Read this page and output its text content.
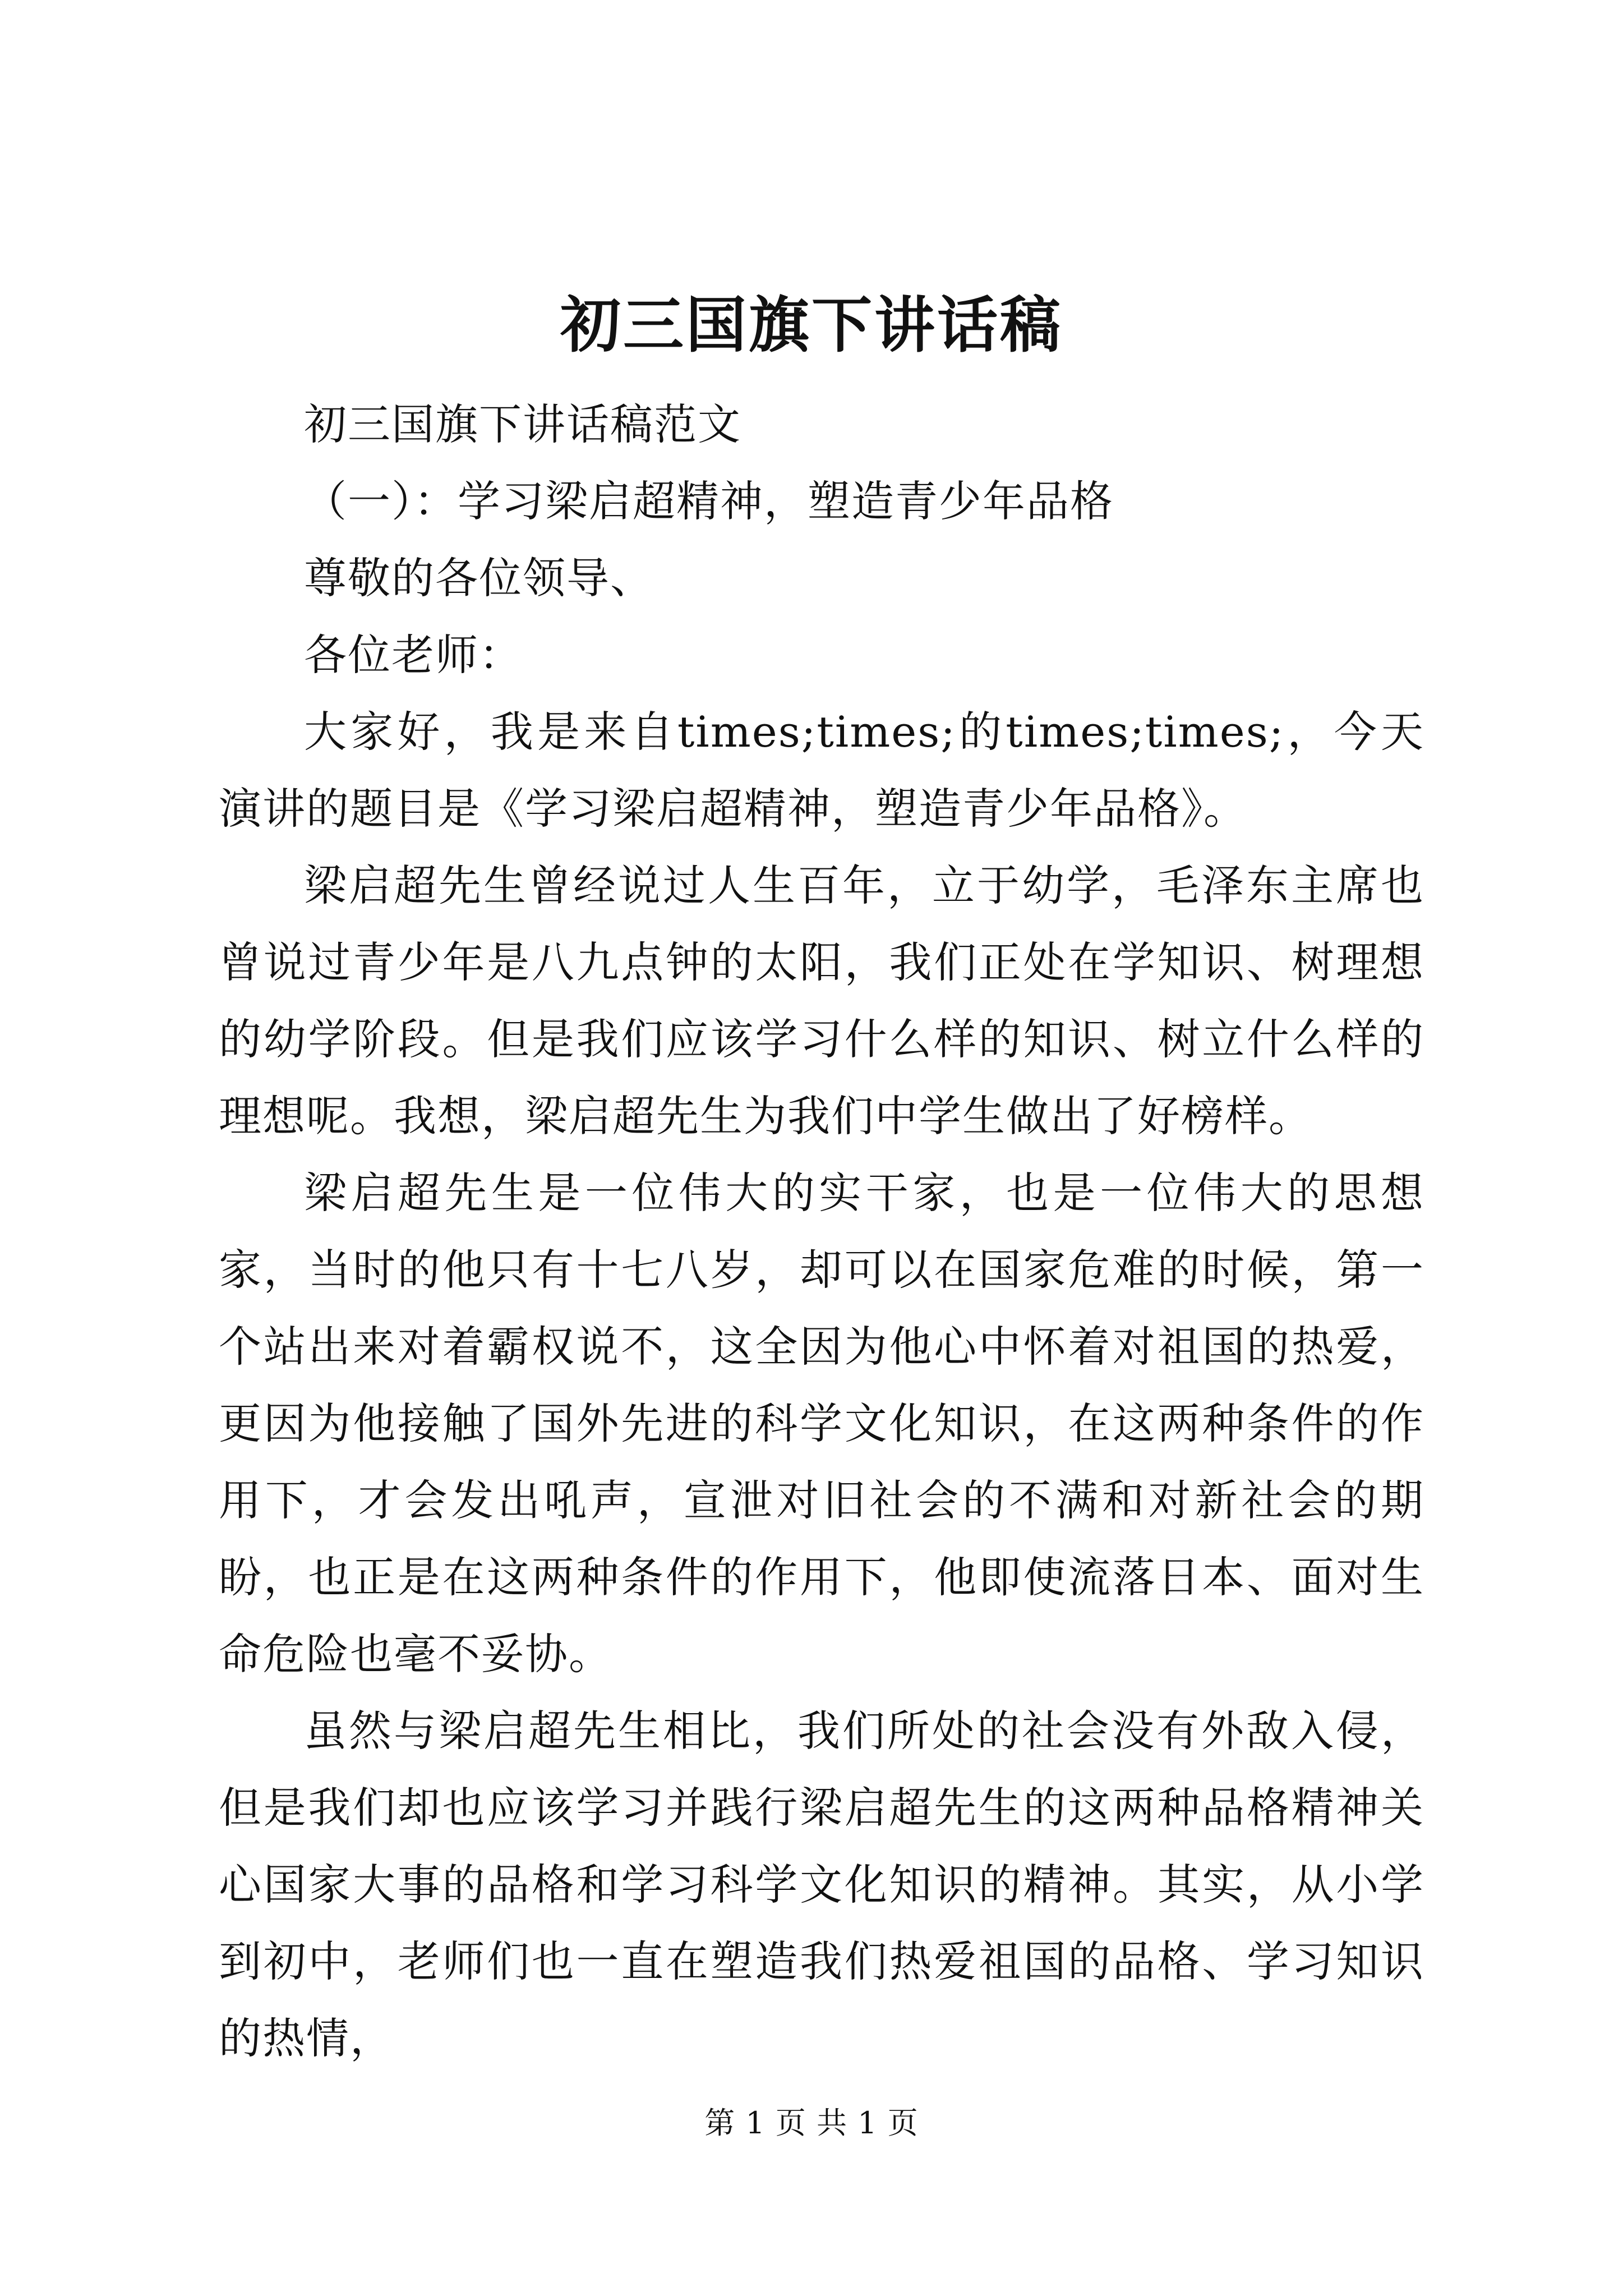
初三国旗下讲话稿

初三国旗下讲话稿范文

（一）：学习梁启超精神，塑造青少年品格

尊敬的各位领导、

各位老师：

大家好，我是来自times;times;的times;times;，今天演讲的题目是《学习梁启超精神，塑造青少年品格》。

梁启超先生曾经说过人生百年，立于幼学，毛泽东主席也曾说过青少年是八九点钟的太阳，我们正处在学知识、树理想的幼学阶段。但是我们应该学习什么样的知识、树立什么样的理想呢。我想，梁启超先生为我们中学生做出了好榜样。

梁启超先生是一位伟大的实干家，也是一位伟大的思想家，当时的他只有十七八岁，却可以在国家危难的时候，第一个站出来对着霸权说不，这全因为他心中怀着对祖国的热爱，更因为他接触了国外先进的科学文化知识，在这两种条件的作用下，才会发出吼声，宣泄对旧社会的不满和对新社会的期盼，也正是在这两种条件的作用下，他即使流落日本、面对生命危险也毫不妥协。

虽然与梁启超先生相比，我们所处的社会没有外敌入侵，但是我们却也应该学习并践行梁启超先生的这两种品格精神关心国家大事的品格和学习科学文化知识的精神。其实，从小学到初中，老师们也一直在塑造我们热爱祖国的品格、学习知识的热情，

第 1 页 共 1 页
